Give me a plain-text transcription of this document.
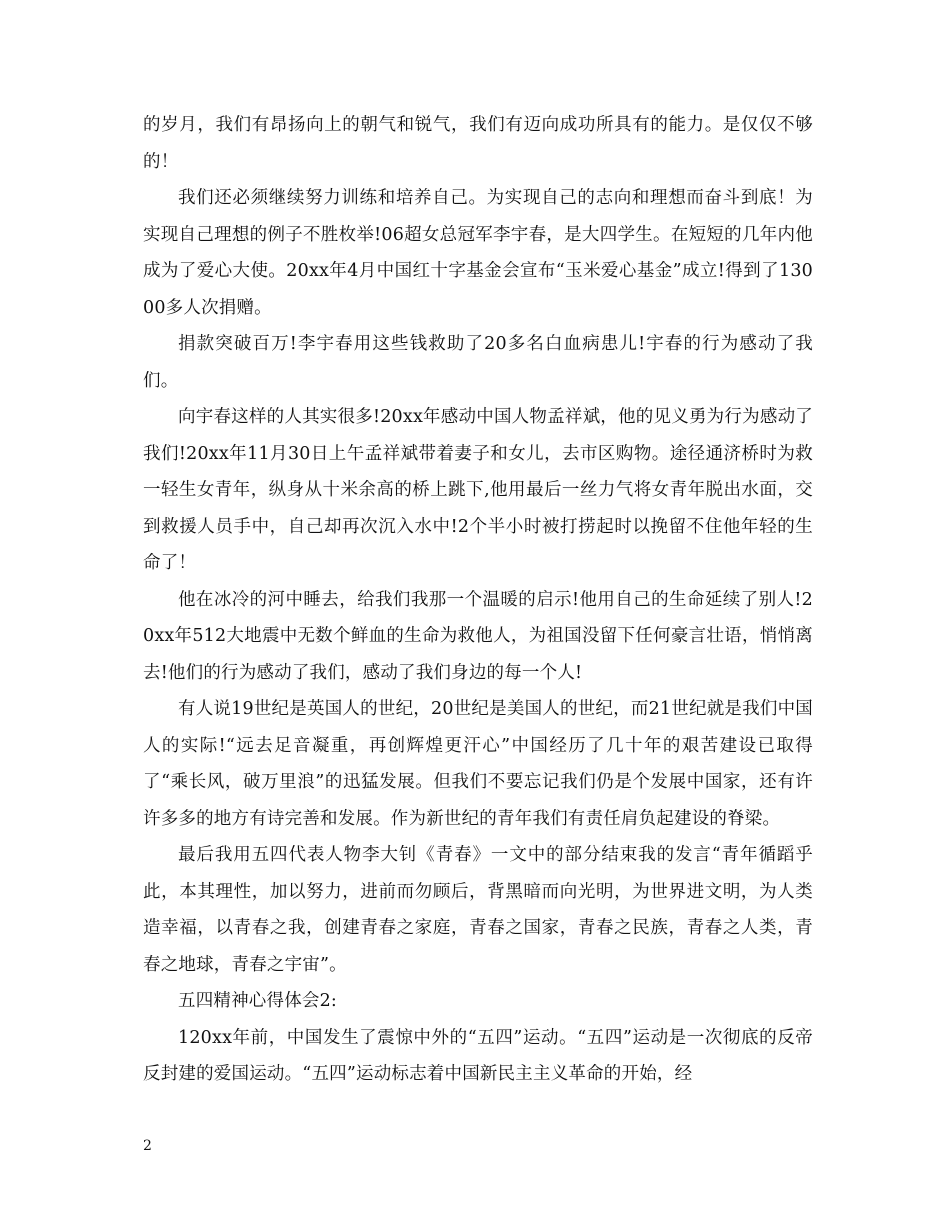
的岁月，我们有昂扬向上的朝气和锐气，我们有迈向成功所具有的能力。是仅仅不够的！

我们还必须继续努力训练和培养自己。为实现自己的志向和理想而奋斗到底！为实现自己理想的例子不胜枚举!06超女总冠军李宇春，是大四学生。在短短的几年内他成为了爱心大使。20xx年4月中国红十字基金会宣布“玉米爱心基金”成立!得到了13000多人次捐赠。

捐款突破百万!李宇春用这些钱救助了20多名白血病患儿!宇春的行为感动了我们。

向宇春这样的人其实很多!20xx年感动中国人物孟祥斌，他的见义勇为行为感动了我们!20xx年11月30日上午孟祥斌带着妻子和女儿，去市区购物。途径通济桥时为救一轻生女青年，纵身从十米余高的桥上跳下,他用最后一丝力气将女青年脱出水面，交到救援人员手中，自己却再次沉入水中!2个半小时被打捞起时以挽留不住他年轻的生命了！

他在冰冷的河中睡去，给我们我那一个温暖的启示!他用自己的生命延续了别人!20xx年512大地震中无数个鲜血的生命为救他人，为祖国没留下任何豪言壮语，悄悄离去!他们的行为感动了我们，感动了我们身边的每一个人!

有人说19世纪是英国人的世纪，20世纪是美国人的世纪，而21世纪就是我们中国人的实际!“远去足音凝重，再创辉煌更汗心”中国经历了几十年的艰苦建设已取得了“乘长风，破万里浪”的迅猛发展。但我们不要忘记我们仍是个发展中国家，还有许许多多的地方有诗完善和发展。作为新世纪的青年我们有责任肩负起建设的脊梁。

最后我用五四代表人物李大钊《青春》一文中的部分结束我的发言“青年循蹈乎此，本其理性，加以努力，进前而勿顾后，背黑暗而向光明，为世界进文明，为人类造幸福，以青春之我，创建青春之家庭，青春之国家，青春之民族，青春之人类，青春之地球，青春之宇宙”。

五四精神心得体会2:

120xx年前，中国发生了震惊中外的“五四”运动。“五四”运动是一次彻底的反帝反封建的爱国运动。“五四”运动标志着中国新民主主义革命的开始，经

2
